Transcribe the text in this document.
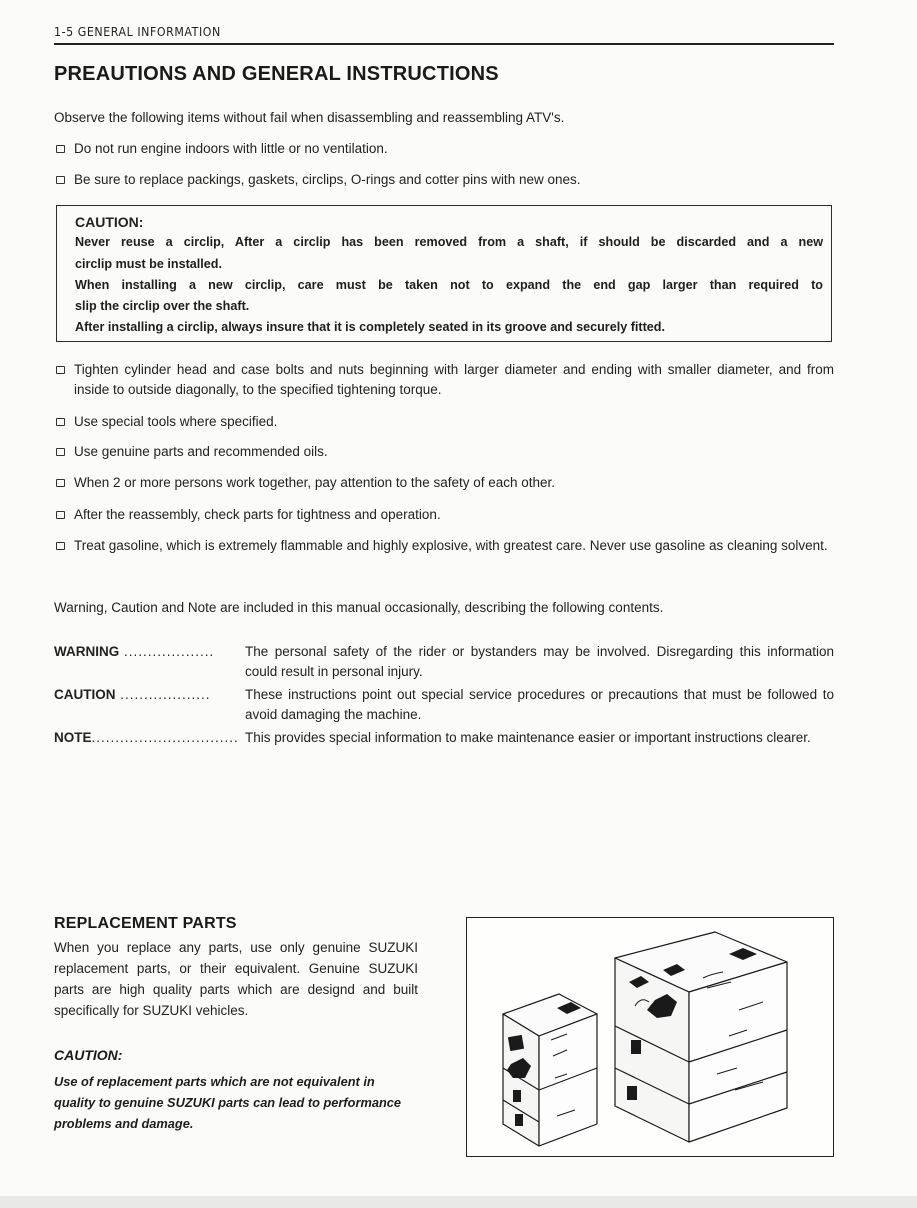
1-5 GENERAL INFORMATION
PREAUTIONS AND GENERAL INSTRUCTIONS
Observe the following items without fail when disassembling and reassembling ATV's.
Do not run engine indoors with little or no ventilation.
Be sure to replace packings, gaskets, circlips, O-rings and cotter pins with new ones.
CAUTION:
Never reuse a circlip, After a circlip has been removed from a shaft, if should be discarded and a new
circlip must be installed.
When installing a new circlip, care must be taken not to expand the end gap larger than required to
slip the circlip over the shaft.
After installing a circlip, always insure that it is completely seated in its groove and securely fitted.
Tighten cylinder head and case bolts and nuts beginning with larger diameter and ending with smaller diameter, and from inside to outside diagonally, to the specified tightening torque.
Use special tools where specified.
Use genuine parts and recommended oils.
When 2 or more persons work together, pay attention to the safety of each other.
After the reassembly, check parts for tightness and operation.
Treat gasoline, which is extremely flammable and highly explosive, with greatest care. Never use gasoline as cleaning solvent.
Warning, Caution and Note are included in this manual occasionally, describing the following contents.
WARNING ...................	The personal safety of the rider or bystanders may be involved. Disregarding this information could result in personal injury.
CAUTION ...................	These instructions point out special service procedures or precautions that must be followed to avoid damaging the machine.
NOTE............................... This provides special information to make maintenance easier or important instructions clearer.
REPLACEMENT PARTS
When you replace any parts, use only genuine SUZUKI replacement parts, or their equivalent. Genuine SUZUKI parts are high quality parts which are designd and built specifically for SUZUKI vehicles.
CAUTION:
Use of replacement parts which are not equivalent in quality to genuine SUZUKI parts can lead to performance problems and damage.
